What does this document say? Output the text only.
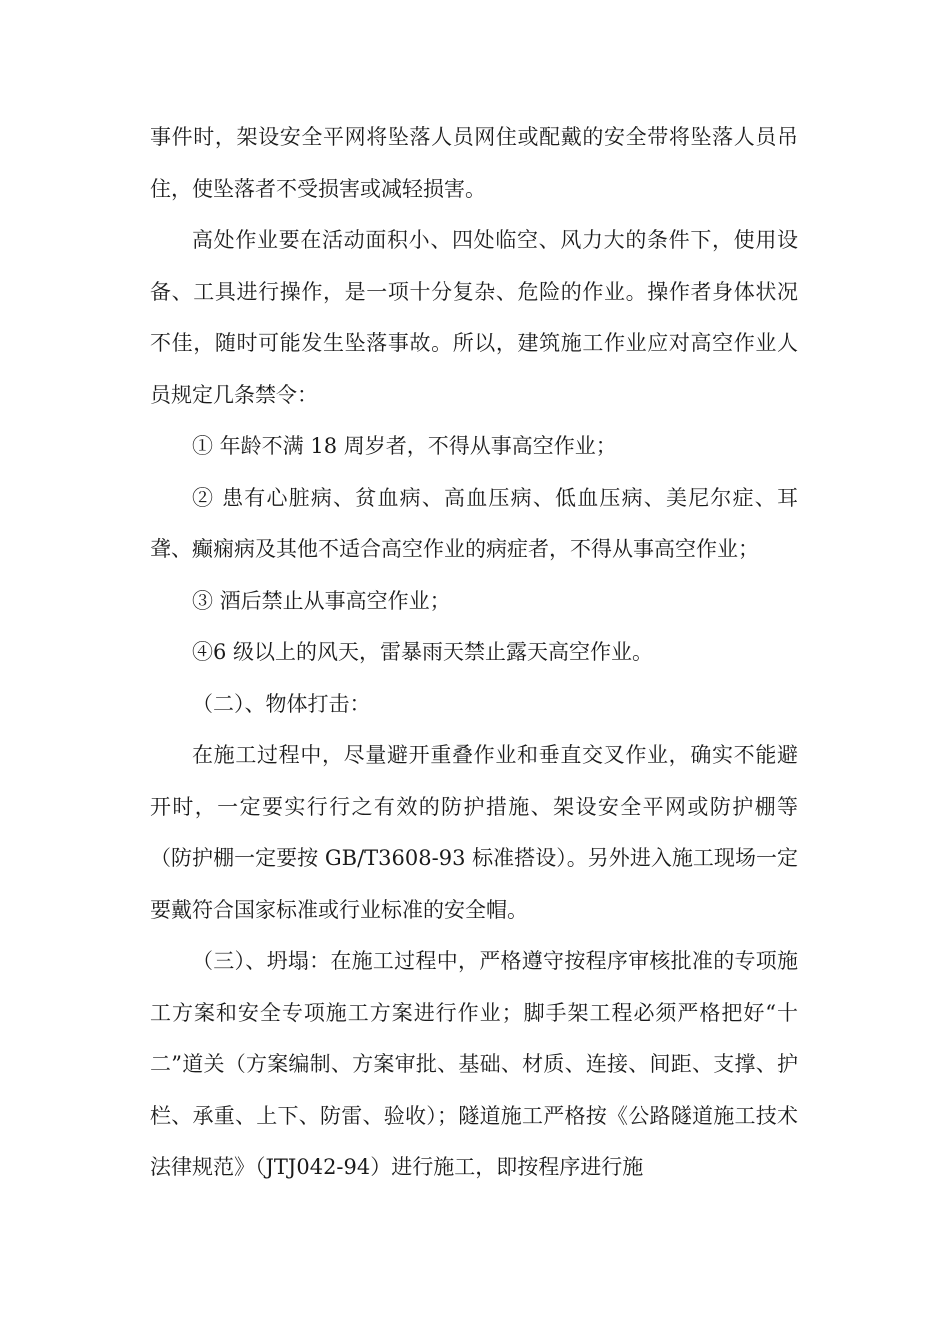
事件时，架设安全平网将坠落人员网住或配戴的安全带将坠落人员吊住，使坠落者不受损害或减轻损害。

高处作业要在活动面积小、四处临空、风力大的条件下，使用设备、工具进行操作，是一项十分复杂、危险的作业。操作者身体状况不佳，随时可能发生坠落事故。所以，建筑施工作业应对高空作业人员规定几条禁令：

① 年龄不满 18 周岁者，不得从事高空作业；

② 患有心脏病、贫血病、高血压病、低血压病、美尼尔症、耳聋、癫痫病及其他不适合高空作业的病症者，不得从事高空作业；

③ 酒后禁止从事高空作业；

④6 级以上的风天，雷暴雨天禁止露天高空作业。

（二）、物体打击：

在施工过程中，尽量避开重叠作业和垂直交叉作业，确实不能避开时，一定要实行行之有效的防护措施、架设安全平网或防护棚等（防护棚一定要按 GB/T3608-93 标准搭设）。另外进入施工现场一定要戴符合国家标准或行业标准的安全帽。

（三）、坍塌：在施工过程中，严格遵守按程序审核批准的专项施工方案和安全专项施工方案进行作业；脚手架工程必须严格把好“十二”道关（方案编制、方案审批、基础、材质、连接、间距、支撑、护栏、承重、上下、防雷、验收）；隧道施工严格按《公路隧道施工技术法律规范》（JTJ042-94）进行施工，即按程序进行施
